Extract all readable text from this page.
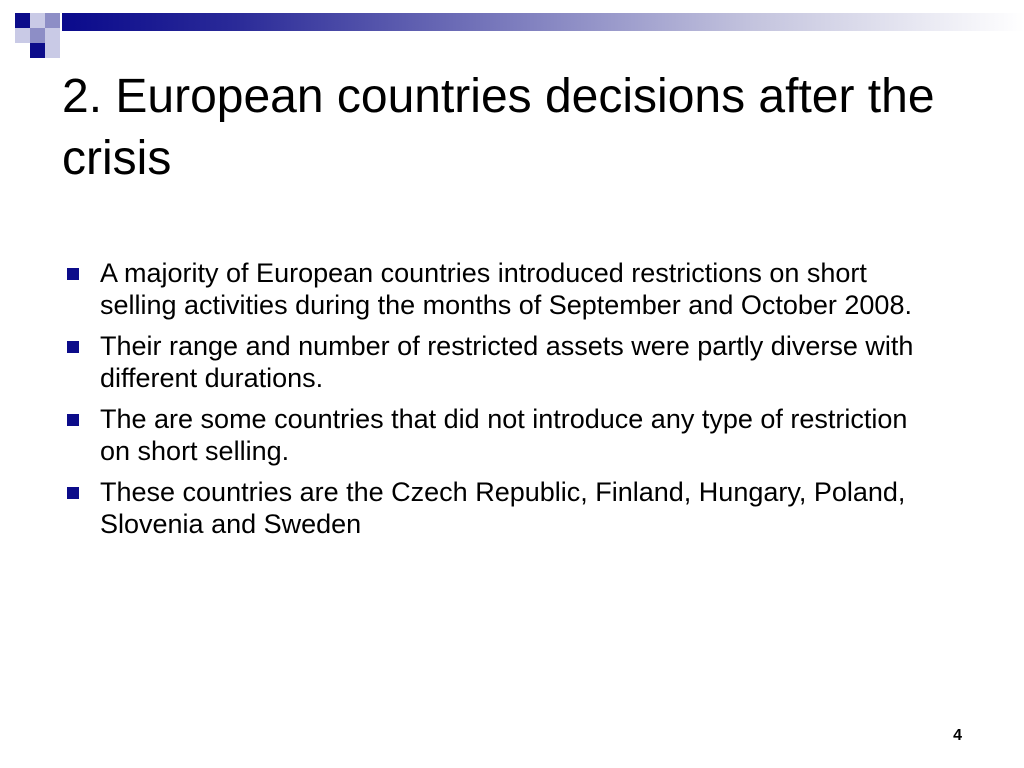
2. European countries decisions after the crisis
A majority of European countries introduced restrictions on short selling activities during the months of September and October 2008.
Their range and number of restricted assets were partly diverse with different durations.
The are some countries that did not introduce any type of restriction on short selling.
These countries are the Czech Republic, Finland, Hungary, Poland, Slovenia and Sweden
4
